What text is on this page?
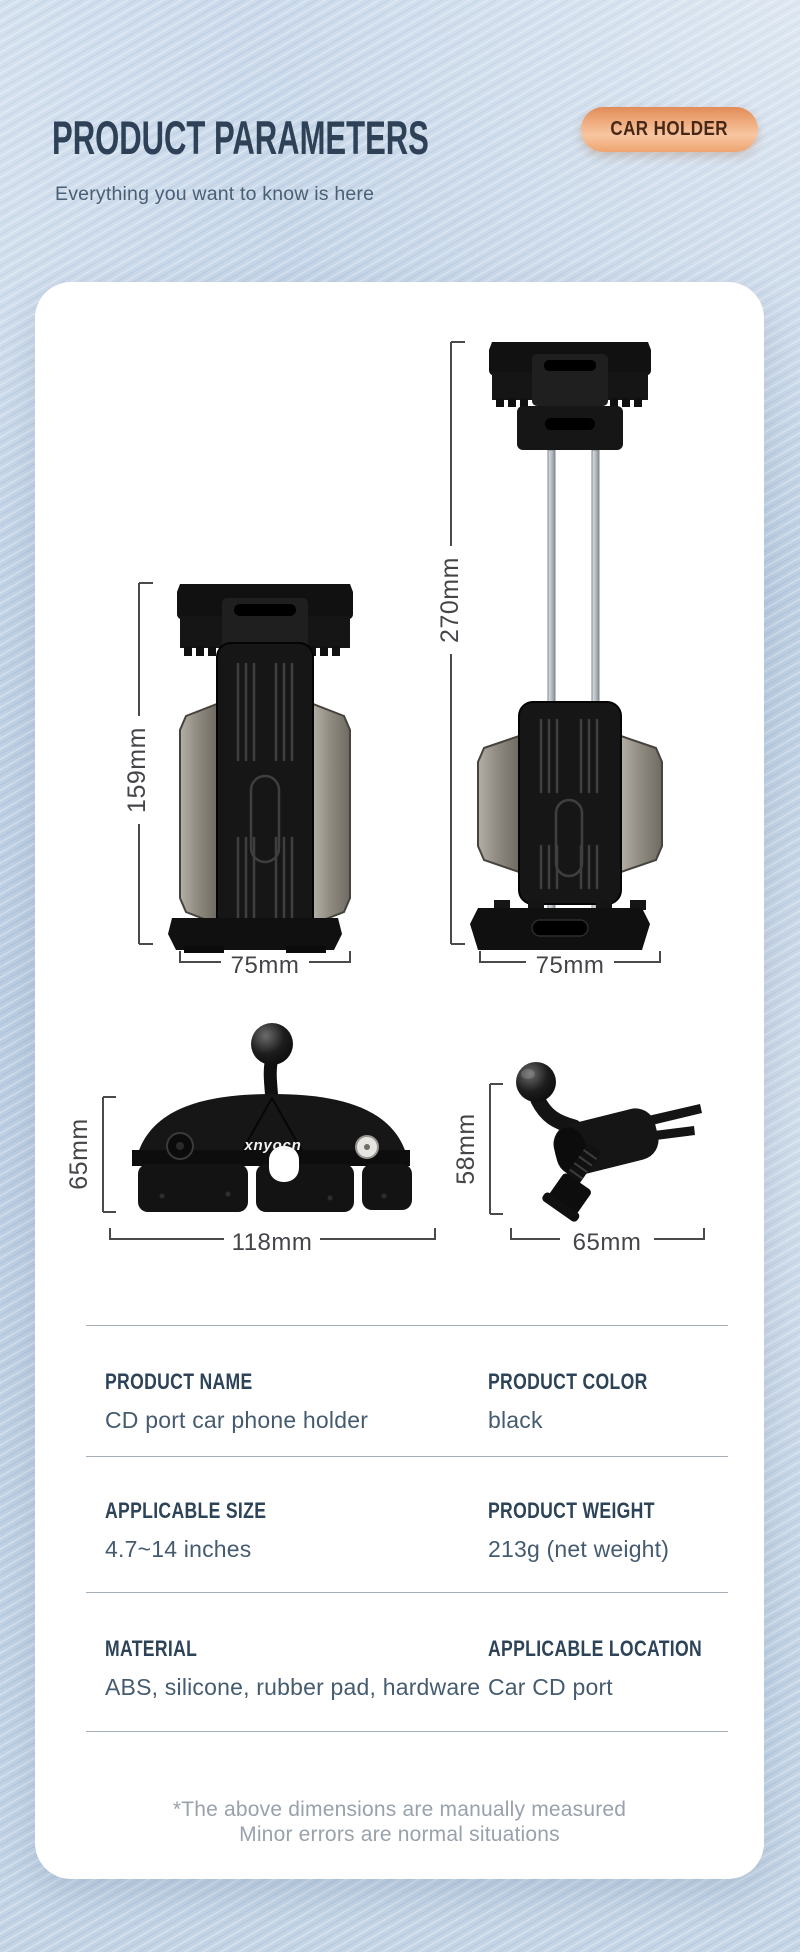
PRODUCT PARAMETERS
Everything you want to know is here
CAR HOLDER
159mm
270mm
75mm	75mm
65mm
118mm
58mm
65mm
xnyocn
PRODUCT NAME
CD port car phone holder
PRODUCT COLOR
black
APPLICABLE SIZE
4.7~14 inches
PRODUCT WEIGHT
213g (net weight)
MATERIAL
ABS, silicone, rubber pad, hardware
APPLICABLE LOCATION
Car CD port
*The above dimensions are manually measured
Minor errors are normal situations
